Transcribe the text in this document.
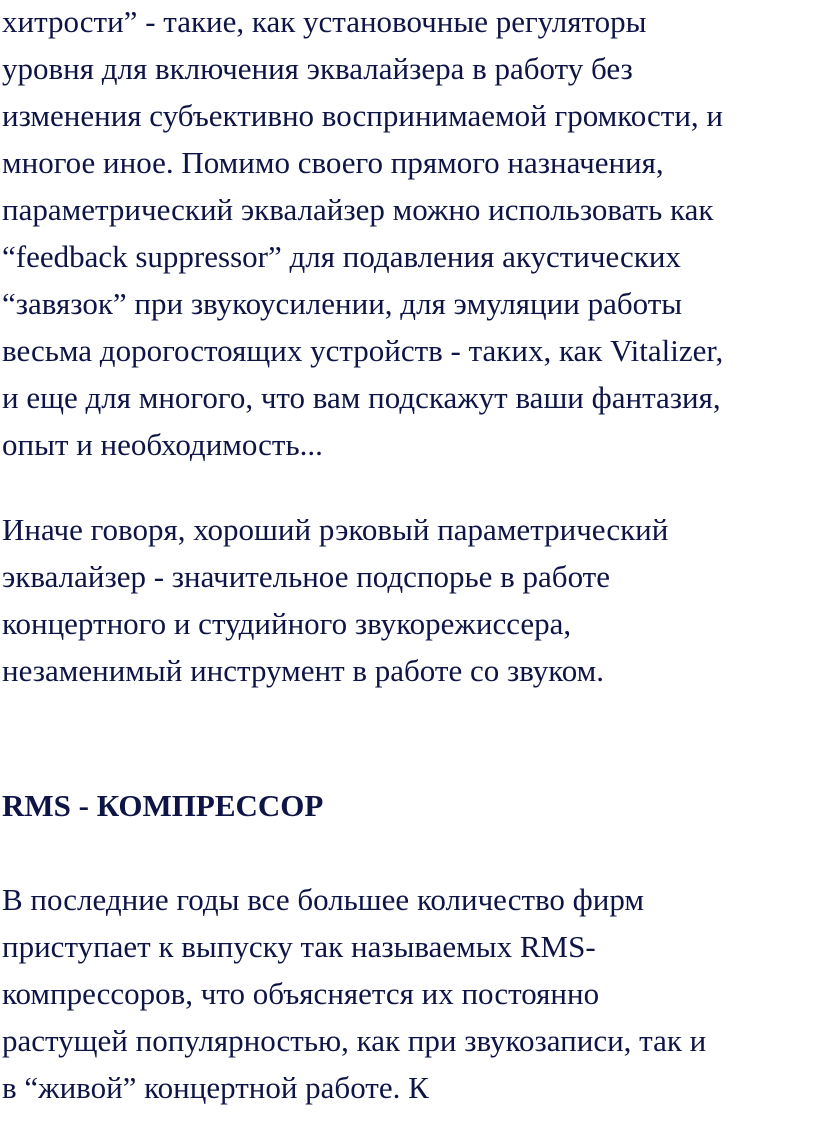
хитрости” - такие, как установочные регуляторы
уровня для включения эквалайзера в работу без
изменения субъективно воспринимаемой громкости, и
многое иное. Помимо своего прямого назначения,
параметрический эквалайзер можно использовать как
“feedback suppressor” для подавления акустических
“завязок” при звукоусилении, для эмуляции работы
весьма дорогостоящих устройств - таких, как Vitalizer,
и еще для многого, что вам подскажут ваши фантазия,
опыт и необходимость...
Иначе говоря, хороший рэковый параметрический
эквалайзер - значительное подспорье в работе
концертного и студийного звукорежиссера,
незаменимый инструмент в работе со звуком.
RMS - КОМПРЕССОР
В последние годы все большее количество фирм
приступает к выпуску так называемых RMS-
компрессоров, что объясняется их постоянно
растущей популярностью, как при звукозаписи, так и
в “живой” концертной работе. К
